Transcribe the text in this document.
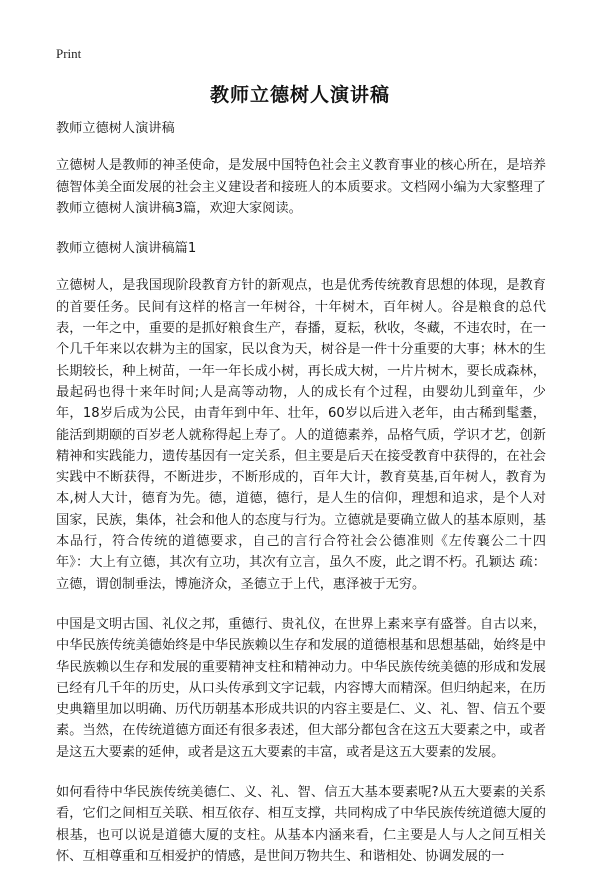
Print
教师立德树人演讲稿

教师立德树人演讲稿

立德树人是教师的神圣使命，是发展中国特色社会主义教育事业的核心所在，是培养德智体美全面发展的社会主义建设者和接班人的本质要求。文档网小编为大家整理了教师立德树人演讲稿3篇，欢迎大家阅读。

教师立德树人演讲稿篇1

立德树人，是我国现阶段教育方针的新观点，也是优秀传统教育思想的体现，是教育的首要任务。民间有这样的格言一年树谷，十年树木，百年树人。谷是粮食的总代表，一年之中，重要的是抓好粮食生产，春播，夏耘，秋收，冬藏，不违农时，在一个几千年来以农耕为主的国家，民以食为天，树谷是一件十分重要的大事；林木的生长期较长，种上树苗，一年一年长成小树，再长成大树，一片片树木，要长成森林，最起码也得十来年时间;人是高等动物，人的成长有个过程，由婴幼儿到童年，少年，18岁后成为公民，由青年到中年、壮年，60岁以后进入老年，由古稀到髦耋，能活到期颐的百岁老人就称得起上寿了。人的道德素养，品格气质，学识才艺，创新精神和实践能力，遗传基因有一定关系，但主要是后天在接受教育中获得的，在社会实践中不断获得，不断进步，不断形成的，百年大计，教育莫基,百年树人，教育为本,树人大计，德育为先。德，道德，德行，是人生的信仰，理想和追求，是个人对国家，民族，集体，社会和他人的态度与行为。立德就是要确立做人的基本原则，基本品行，符合传统的道德要求，自己的言行合符社会公德准则《左传襄公二十四年》：大上有立德，其次有立功，其次有立言，虽久不废，此之谓不朽。孔颖达 疏：立德，谓创制垂法，博施济众，圣德立于上代，惠泽被于无穷。

中国是文明古国、礼仪之邦，重德行、贵礼仪，在世界上素来享有盛誉。自古以来，中华民族传统美德始终是中华民族赖以生存和发展的道德根基和思想基础，始终是中华民族赖以生存和发展的重要精神支柱和精神动力。中华民族传统美德的形成和发展已经有几千年的历史，从口头传承到文字记载，内容博大而精深。但归纳起来，在历史典籍里加以明确、历代历朝基本形成共识的内容主要是仁、义、礼、智、信五个要素。当然，在传统道德方面还有很多表述，但大部分都包含在这五大要素之中，或者是这五大要素的延伸，或者是这五大要素的丰富，或者是这五大要素的发展。

如何看待中华民族传统美德仁、义、礼、智、信五大基本要素呢?从五大要素的关系看，它们之间相互关联、相互依存、相互支撑，共同构成了中华民族传统道德大厦的根基，也可以说是道德大厦的支柱。从基本内涵来看，仁主要是人与人之间互相关怀、互相尊重和互相爱护的情感，是世间万物共生、和谐相处、协调发展的一
